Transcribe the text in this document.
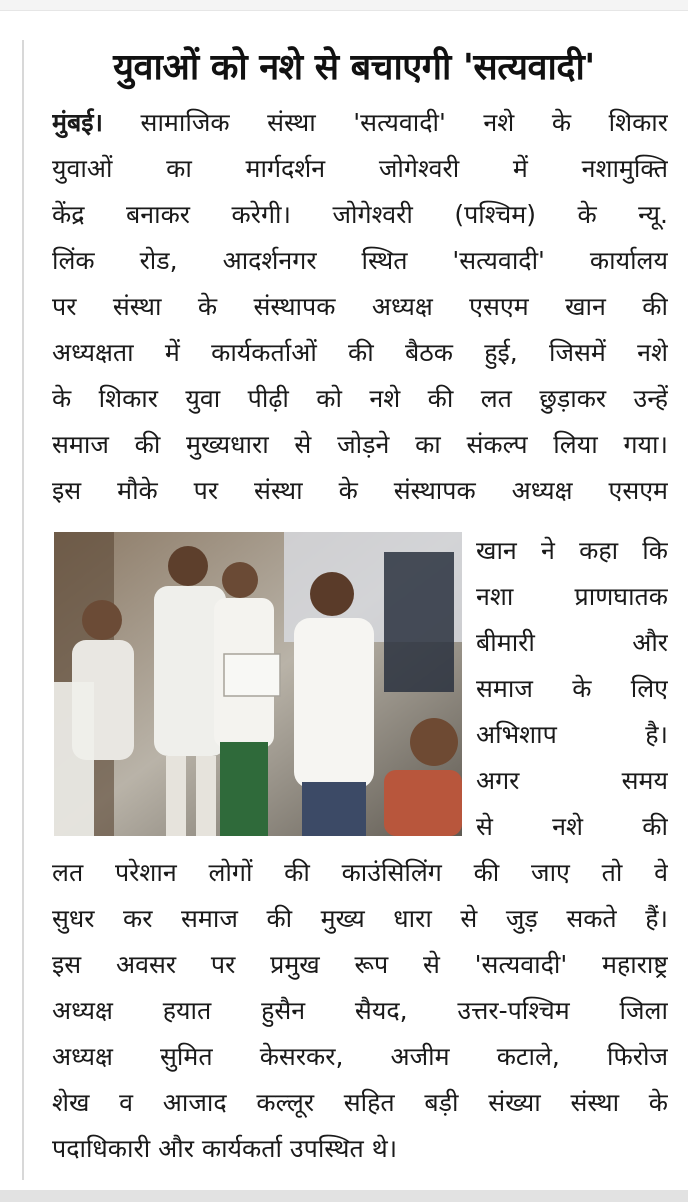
युवाओं को नशे से बचाएगी 'सत्यवादी'
मुंबई। सामाजिक संस्था 'सत्यवादी' नशे के शिकार
युवाओं का मार्गदर्शन जोगेश्वरी में नशामुक्ति
केंद्र बनाकर करेगी। जोगेश्वरी (पश्चिम) के न्यू.
लिंक रोड, आदर्शनगर स्थित 'सत्यवादी' कार्यालय
पर संस्था के संस्थापक अध्यक्ष एसएम खान की
अध्यक्षता में कार्यकर्ताओं की बैठक हुई, जिसमें नशे
के शिकार युवा पीढ़ी को नशे की लत छुड़ाकर उन्हें
समाज की मुख्यधारा से जोड़ने का संकल्प लिया गया।
इस मौके पर संस्था के संस्थापक अध्यक्ष एसएम
खान ने कहा कि
नशा प्राणघातक
बीमारी और
समाज के लिए
अभिशाप है।
अगर समय
से नशे की
लत परेशान लोगों की काउंसिलिंग की जाए तो वे
सुधर कर समाज की मुख्य धारा से जुड़ सकते हैं।
इस अवसर पर प्रमुख रूप से 'सत्यवादी' महाराष्ट्र
अध्यक्ष हयात हुसैन सैयद, उत्तर-पश्चिम जिला
अध्यक्ष सुमित केसरकर, अजीम कटाले, फिरोज
शेख व आजाद कल्लूर सहित बड़ी संख्या संस्था के
पदाधिकारी और कार्यकर्ता उपस्थित थे।
